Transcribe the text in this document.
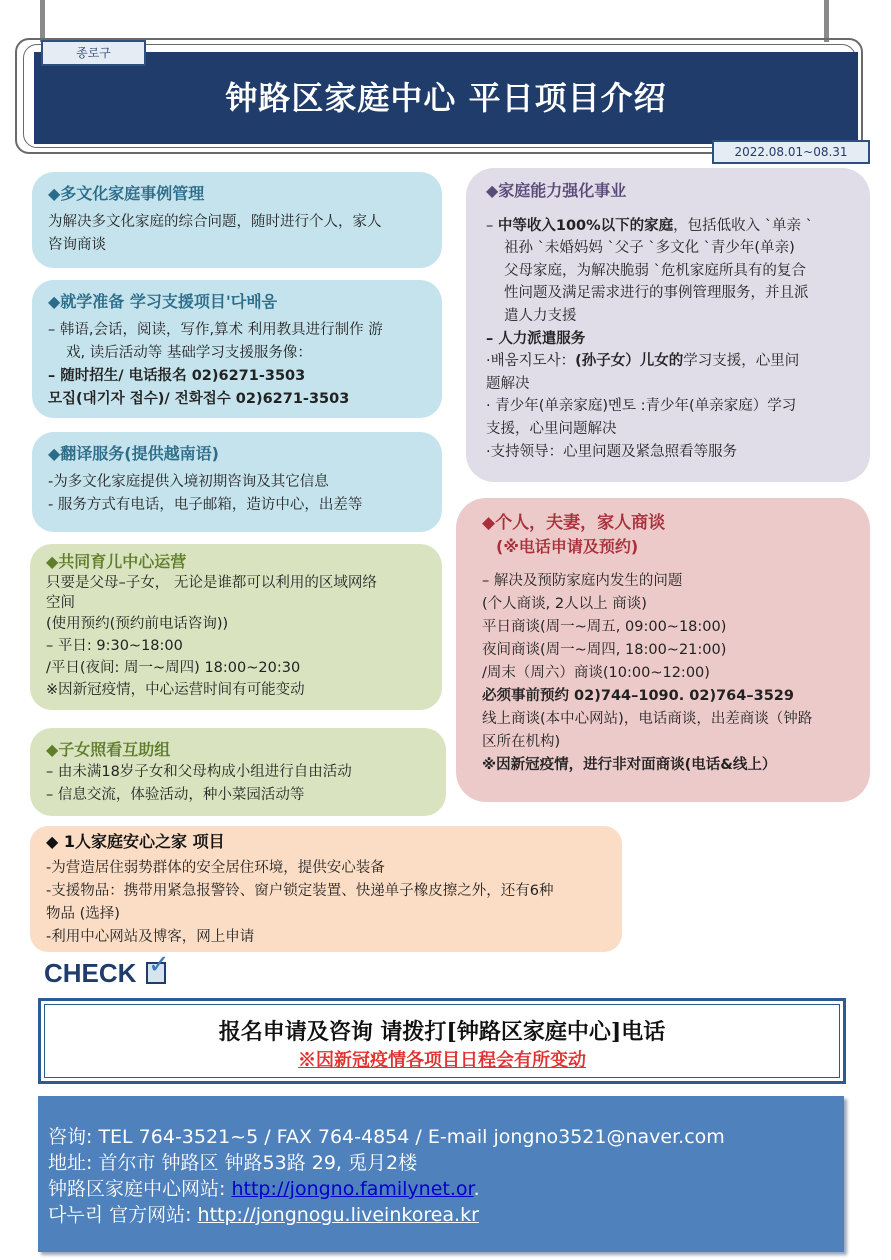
钟路区家庭中心 平日项目介绍
종로구
2022.08.01~08.31
◆多文化家庭事例管理
为解决多文化家庭的综合问题，随时进行个人，家人
咨询商谈
◆就学准备 学习支援项目'다배움
– 韩语,会话，阅读，写作,算术 利用教具进行制作 游
戏, 读后活动等 基础学习支援服务像：
– 随时招生/ 电话报名 02)6271-3503
모집(대기자 접수)/ 전화접수 02)6271-3503
◆翻译服务(提供越南语)
-为多文化家庭提供入境初期咨询及其它信息
- 服务方式有电话，电子邮箱，造访中心，出差等
◆共同育儿中心运营
只要是父母–子女， 无论是谁都可以利用的区域网络
空间
(使用预约(预约前电话咨询))
– 平日: 9:30~18:00
/平日(夜间: 周一~周四) 18:00~20:30
※因新冠疫情，中心运营时间有可能变动
◆子女照看互助组
– 由未满18岁子女和父母构成小组进行自由活动
– 信息交流，体验活动，种小菜园活动等
◆ 1人家庭安心之家 项目
-为营造居住弱势群体的安全居住环境，提供安心装备
-支援物品：携带用紧急报警铃、窗户锁定装置、快递单子橡皮擦之外，还有6种
物品 (选择)
-利用中心网站及博客，网上申请
◆家庭能力强化事业
– 中等收入100%以下的家庭，包括低收入 `单亲 `
祖孙 `未婚妈妈 `父子 `多文化 `青少年(单亲)
父母家庭，为解决脆弱 `危机家庭所具有的复合
性问题及满足需求进行的事例管理服务，并且派
遣人力支援
– 人力派遣服务
·배움지도사：(孙子女）儿女的学习支援，心里问
题解决
· 青少年(单亲家庭)멘토 :青少年(单亲家庭）学习
支援，心里问题解决
·支持领导：心里问题及紧急照看等服务
◆个人，夫妻，家人商谈
(※电话申请及预约)
– 解决及预防家庭内发生的问题
(个人商谈, 2人以上 商谈)
平日商谈(周一~周五, 09:00~18:00)
夜间商谈(周一~周四, 18:00~21:00)
/周末（周六）商谈(10:00~12:00)
必须事前预约 02)744–1090. 02)764–3529
线上商谈(本中心网站)，电话商谈，出差商谈（钟路
区所在机构)
※因新冠疫情，进行非对面商谈(电话&线上）
CHECK ✓
报名申请及咨询 请拨打[钟路区家庭中心]电话
※因新冠疫情各项目日程会有所变动
咨询: TEL 764-3521~5 / FAX 764-4854 / E-mail jongno3521@naver.com
地址: 首尔市 钟路区 钟路53路 29, 兎月2楼
钟路区家庭中心网站: http://jongno.familynet.or.
다누리 官方网站: http://jongnogu.liveinkorea.kr
